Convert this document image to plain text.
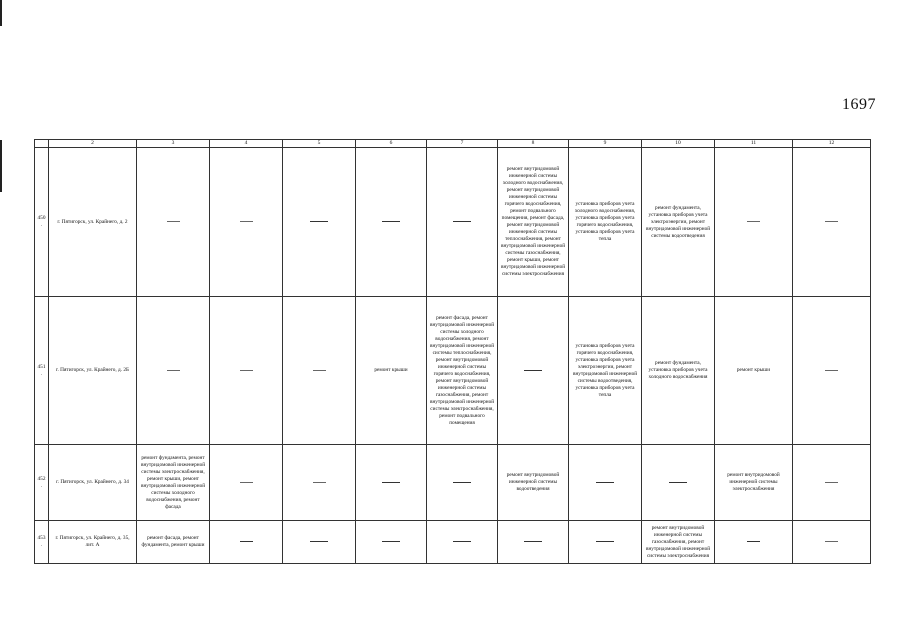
1697
	2	3	4	5	6	7	8	9	10	11	12
450.	г. Пятигорск, ул. Крайнего, д. 2						ремонт внутридомовой инженерной системы холодного водоснабжения, ремонт внутридомовой инженерной системы горячего водоснабжения, ремонт подвального помещения, ремонт фасада, ремонт внутридомовой инженерной системы теплоснабжения, ремонт внутридомовой инженерной системы газоснабжения, ремонт крыши, ремонт внутридомовой инженерной системы электроснабжения	установка приборов учета холодного водоснабжения, установка приборов учета горячего водоснабжения, установка приборов учета тепла	ремонт фундамента, установка приборов учета электроэнергии, ремонт внутридомовой инженерной системы водоотведения		
451.	г. Пятигорск, ул. Крайнего, д. 2Б				ремонт крыши	ремонт фасада, ремонт внутридомовой инженерной системы холодного водоснабжения, ремонт внутридомовой инженерной системы теплоснабжения, ремонт внутридомовой инженерной системы горячего водоснабжения, ремонт внутридомовой инженерной системы газоснабжения, ремонт внутридомовой инженерной системы электроснабжения, ремонт подвального помещения		установка приборов учета горячего водоснабжения, установка приборов учета электроэнергии, ремонт внутридомовой инженерной системы водоотведения, установка приборов учета тепла	ремонт фундамента, установка приборов учета холодного водоснабжения	ремонт крыши	
452.	г. Пятигорск, ул. Крайнего, д. 34	ремонт фундамента, ремонт внутридомовой инженерной системы электроснабжения, ремонт крыши, ремонт внутридомовой инженерной системы холодного водоснабжения, ремонт фасада					ремонт внутридомовой инженерной системы водоотведения			ремонт внутридомовой инженерной системы электроснабжения	
453.	г. Пятигорск, ул. Крайнего, д. 35, лит. А	ремонт фасада, ремонт фундамента, ремонт крыши							ремонт внутридомовой инженерной системы газоснабжения, ремонт внутридомовой инженерной системы электроснабжения		
